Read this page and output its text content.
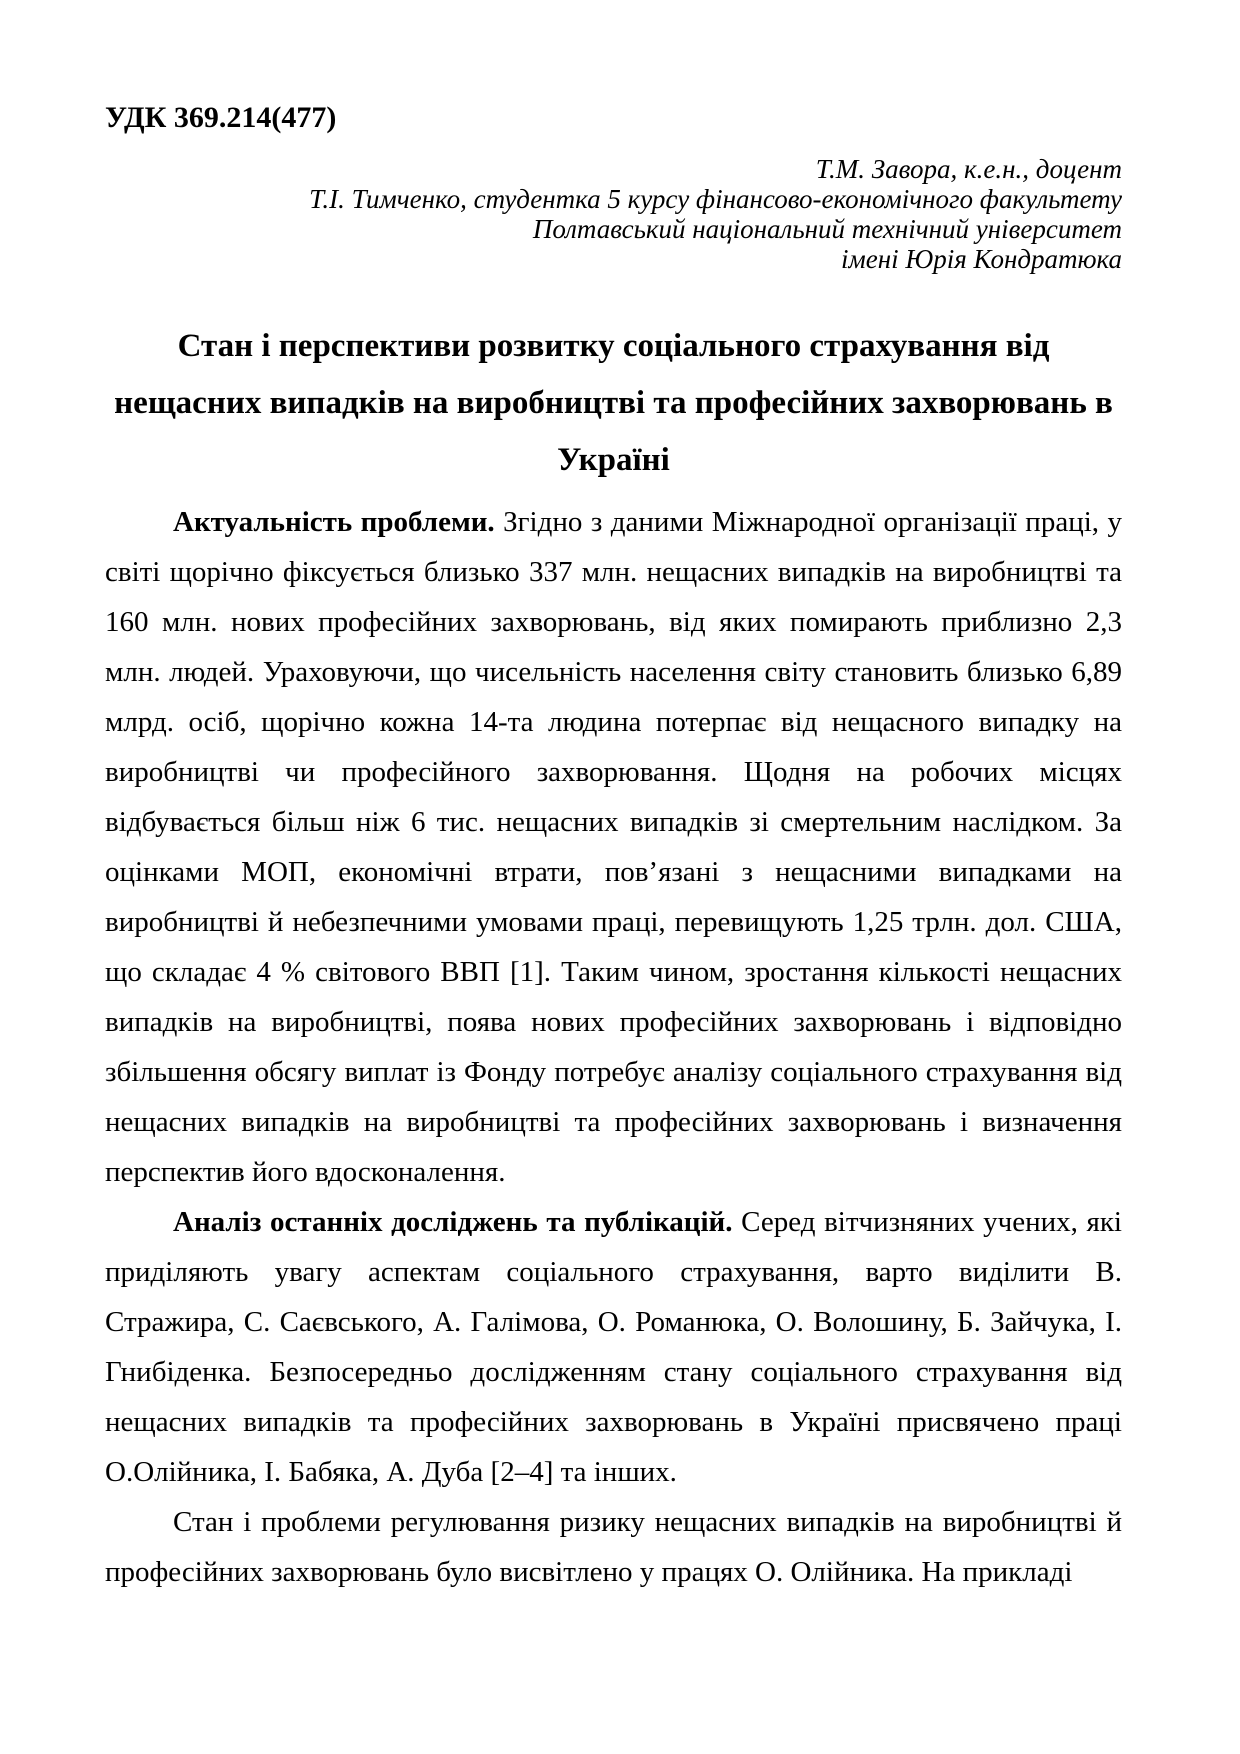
УДК 369.214(477)

Т.М. Завора, к.е.н., доцент
Т.І. Тимченко, студентка 5 курсу фінансово-економічного факультету
Полтавський національний технічний університет
імені Юрія Кондратюка
Стан і перспективи розвитку соціального страхування від нещасних випадків на виробництві та професійних захворювань в Україні

Актуальність проблеми. Згідно з даними Міжнародної організації праці, у світі щорічно фіксується близько 337 млн. нещасних випадків на виробництві та 160 млн. нових професійних захворювань, від яких помирають приблизно 2,3 млн. людей. Ураховуючи, що чисельність населення світу становить близько 6,89 млрд. осіб, щорічно кожна 14-та людина потерпає від нещасного випадку на виробництві чи професійного захворювання. Щодня на робочих місцях відбувається більш ніж 6 тис. нещасних випадків зі смертельним наслідком. За оцінками МОП, економічні втрати, пов’язані з нещасними випадками на виробництві й небезпечними умовами праці, перевищують 1,25 трлн. дол. США, що складає 4 % світового ВВП [1]. Таким чином, зростання кількості нещасних випадків на виробництві, поява нових професійних захворювань і відповідно збільшення обсягу виплат із Фонду потребує аналізу соціального страхування від нещасних випадків на виробництві та професійних захворювань і визначення перспектив його вдосконалення.

Аналіз останніх досліджень та публікацій. Серед вітчизняних учених, які приділяють увагу аспектам соціального страхування, варто виділити В. Стражира, С. Саєвського, А. Галімова, О. Романюка, О. Волошину, Б. Зайчука, І. Гнибіденка. Безпосередньо дослідженням стану соціального страхування від нещасних випадків та професійних захворювань в Україні присвячено праці О.Олійника, І. Бабяка, А. Дуба [2–4] та інших.

Стан і проблеми регулювання ризику нещасних випадків на виробництві й професійних захворювань було висвітлено у працях О. Олійника. На прикладі
